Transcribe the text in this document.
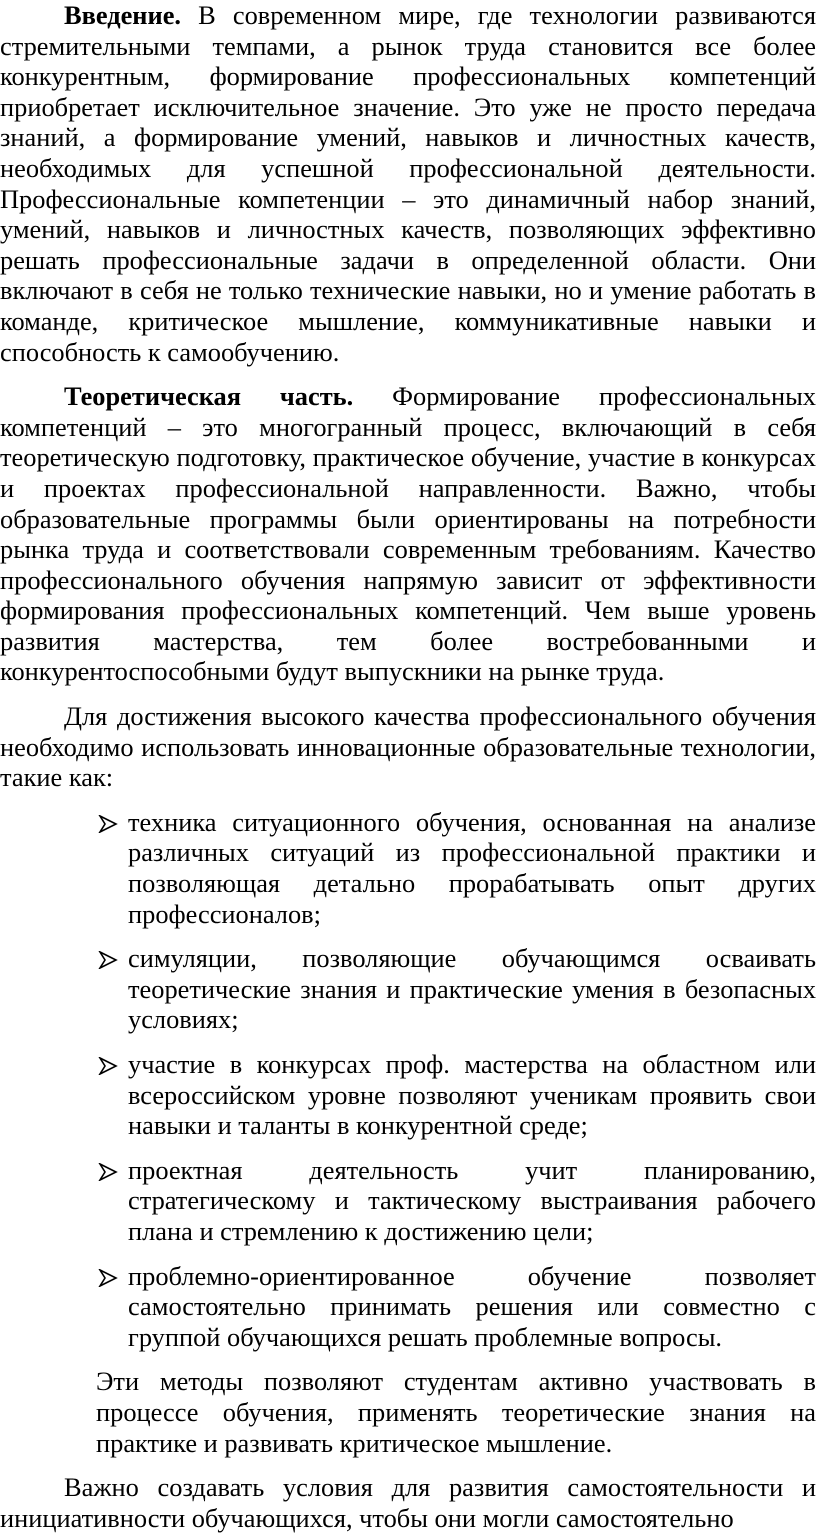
Введение. В современном мире, где технологии развиваются стремительными темпами, а рынок труда становится все более конкурентным, формирование профессиональных компетенций приобретает исключительное значение. Это уже не просто передача знаний, а формирование умений, навыков и личностных качеств, необходимых для успешной профессиональной деятельности. Профессиональные компетенции – это динамичный набор знаний, умений, навыков и личностных качеств, позволяющих эффективно решать профессиональные задачи в определенной области. Они включают в себя не только технические навыки, но и умение работать в команде, критическое мышление, коммуникативные навыки и способность к самообучению.

Теоретическая часть. Формирование профессиональных компетенций – это многогранный процесс, включающий в себя теоретическую подготовку, практическое обучение, участие в конкурсах и проектах профессиональной направленности. Важно, чтобы образовательные программы были ориентированы на потребности рынка труда и соответствовали современным требованиям. Качество профессионального обучения напрямую зависит от эффективности формирования профессиональных компетенций. Чем выше уровень развития мастерства, тем более востребованными и конкурентоспособными будут выпускники на рынке труда.

Для достижения высокого качества профессионального обучения необходимо использовать инновационные образовательные технологии, такие как:

техника ситуационного обучения, основанная на анализе различных ситуаций из профессиональной практики и позволяющая детально прорабатывать опыт других профессионалов;
симуляции, позволяющие обучающимся осваивать теоретические знания и практические умения в безопасных условиях;
участие в конкурсах проф. мастерства на областном или всероссийском уровне позволяют ученикам проявить свои навыки и таланты в конкурентной среде;
проектная деятельность учит планированию, стратегическому и тактическому выстраивания рабочего плана и стремлению к достижению цели;
проблемно-ориентированное обучение позволяет самостоятельно принимать решения или совместно с группой обучающихся решать проблемные вопросы.

Эти методы позволяют студентам активно участвовать в процессе обучения, применять теоретические знания на практике и развивать критическое мышление.

Важно создавать условия для развития самостоятельности и инициативности обучающихся, чтобы они могли самостоятельно
